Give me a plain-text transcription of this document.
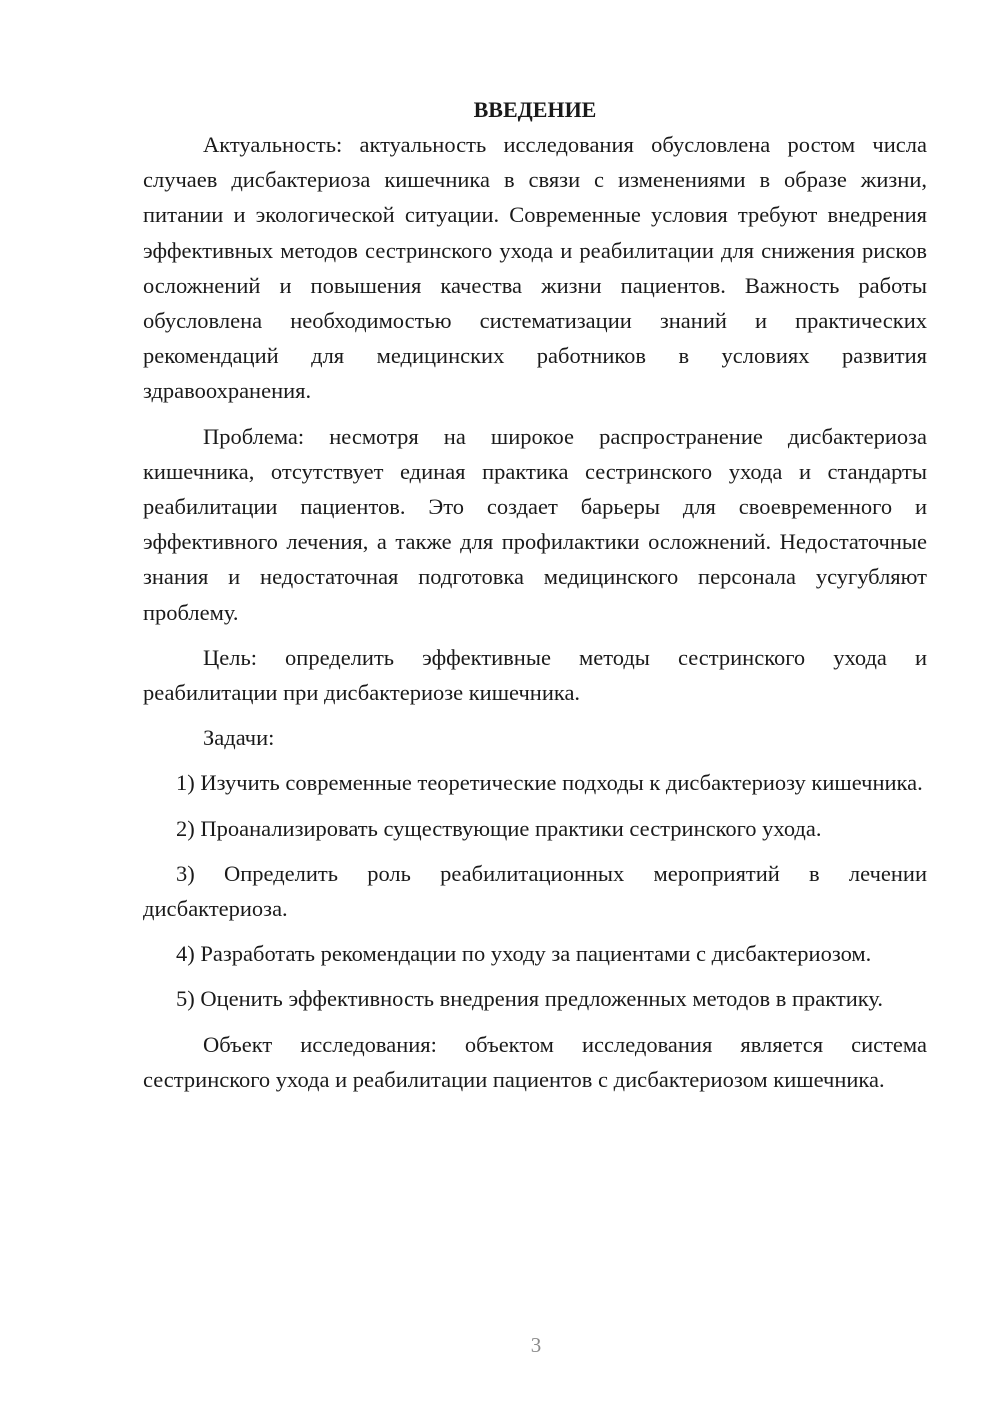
ВВЕДЕНИЕ

Актуальность: актуальность исследования обусловлена ростом числа случаев дисбактериоза кишечника в связи с изменениями в образе жизни, питании и экологической ситуации. Современные условия требуют внедрения эффективных методов сестринского ухода и реабилитации для снижения рисков осложнений и повышения качества жизни пациентов. Важность работы обусловлена необходимостью систематизации знаний и практических рекомендаций для медицинских работников в условиях развития здравоохранения.

Проблема: несмотря на широкое распространение дисбактериоза кишечника, отсутствует единая практика сестринского ухода и стандарты реабилитации пациентов. Это создает барьеры для своевременного и эффективного лечения, а также для профилактики осложнений. Недостаточные знания и недостаточная подготовка медицинского персонала усугубляют проблему.

Цель: определить эффективные методы сестринского ухода и реабилитации при дисбактериозе кишечника.

Задачи:

1) Изучить современные теоретические подходы к дисбактериозу кишечника.

2) Проанализировать существующие практики сестринского ухода.

3) Определить роль реабилитационных мероприятий в лечении дисбактериоза.

4) Разработать рекомендации по уходу за пациентами с дисбактериозом.

5) Оценить эффективность внедрения предложенных методов в практику.

Объект исследования: объектом исследования является система сестринского ухода и реабилитации пациентов с дисбактериозом кишечника.

3
